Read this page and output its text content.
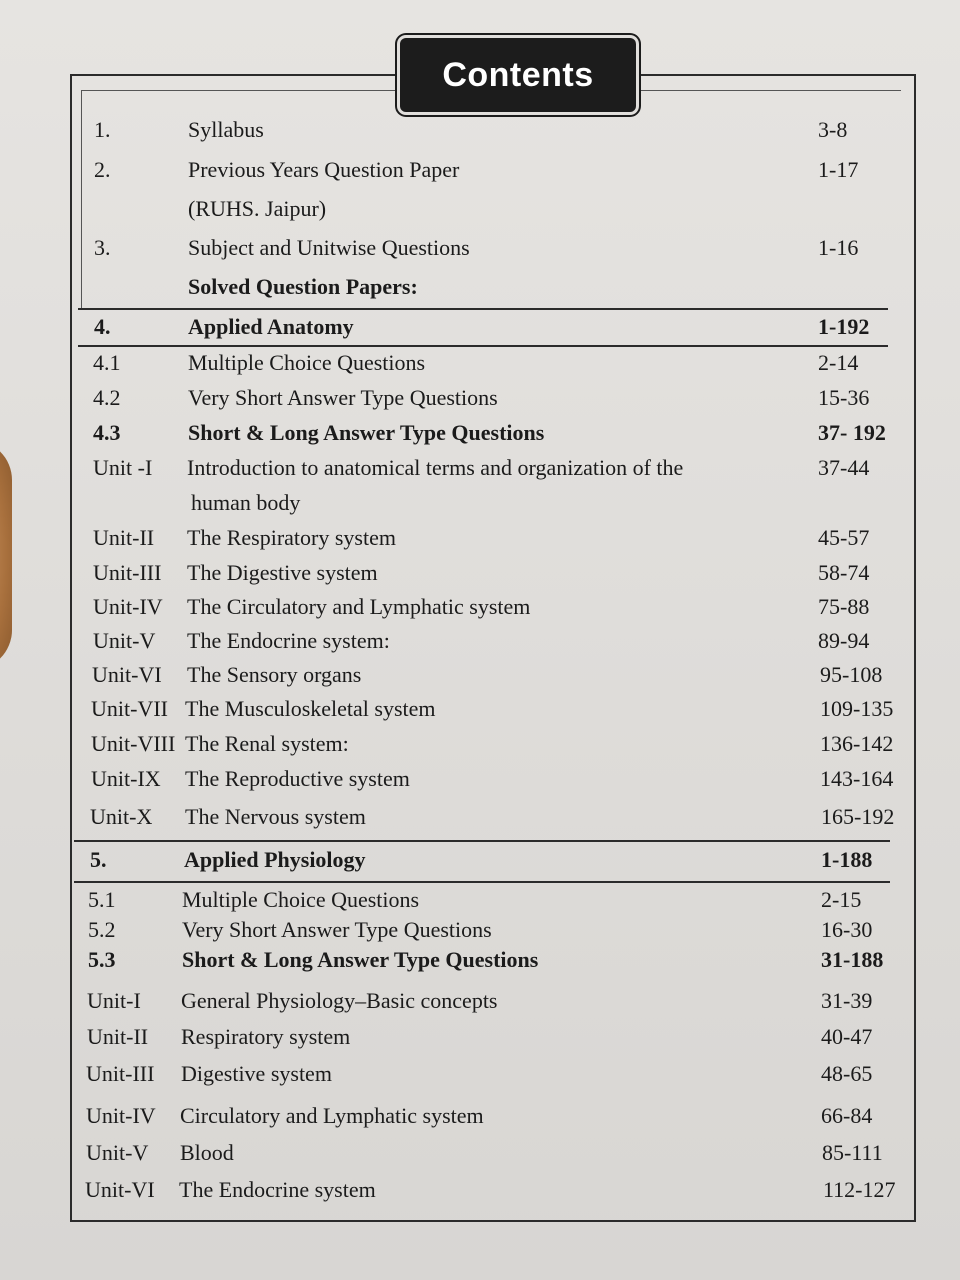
Contents
1.	Syllabus	3-8
2.	Previous Years Question Paper	1-17
(RUHS. Jaipur)
3.	Subject and Unitwise Questions	1-16
Solved Question Papers:
4.	Applied Anatomy	1-192
4.1	Multiple Choice Questions	2-14
4.2	Very Short Answer Type Questions	15-36
4.3	Short & Long Answer Type Questions	37- 192
Unit -I Introduction to anatomical terms and organization of the	37-44
human body
Unit-II The Respiratory system	45-57
Unit-III The Digestive system	58-74
Unit-IV The Circulatory and Lymphatic system	75-88
Unit-V The Endocrine system:	89-94
Unit-VI The Sensory organs	95-108
Unit-VII The Musculoskeletal system	109-135
Unit-VIII The Renal system:	136-142
Unit-IX The Reproductive system	143-164
Unit-X The Nervous system	165-192
5.	Applied Physiology	1-188
5.1	Multiple Choice Questions	2-15
5.2	Very Short Answer Type Questions	16-30
5.3	Short & Long Answer Type Questions	31-188
Unit-I General Physiology–Basic concepts	31-39
Unit-II Respiratory system	40-47
Unit-III Digestive system	48-65
Unit-IV Circulatory and Lymphatic system	66-84
Unit-V Blood	85-111
Unit-VI The Endocrine system	112-127
